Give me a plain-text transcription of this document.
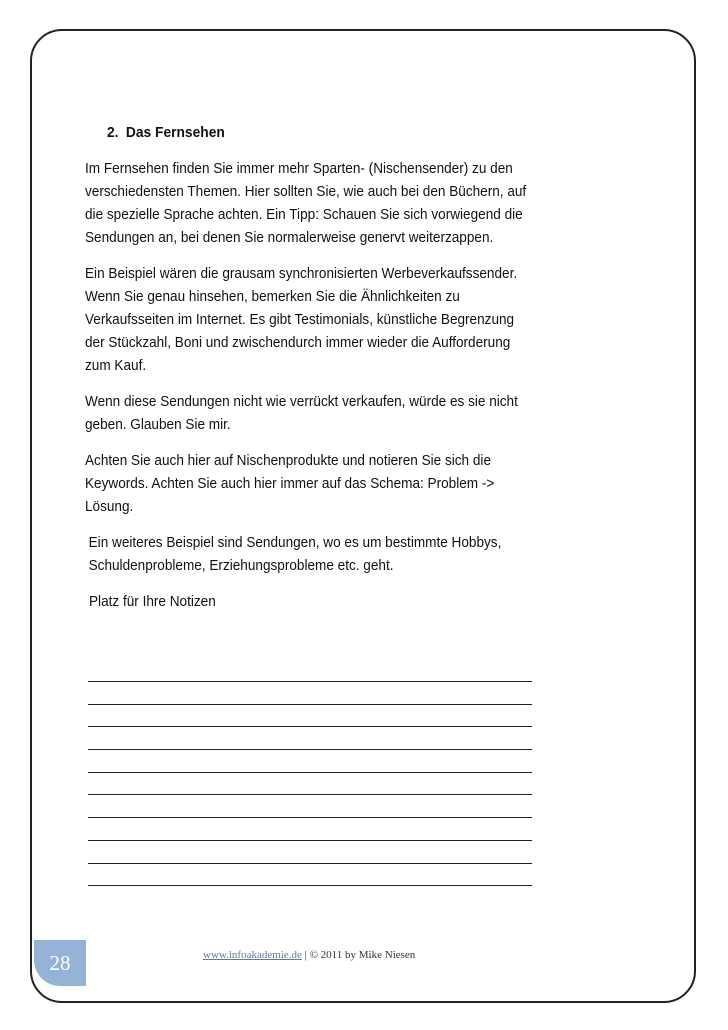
2. Das Fernsehen

Im Fernsehen finden Sie immer mehr Sparten- (Nischensender) zu den verschiedensten Themen. Hier sollten Sie, wie auch bei den Büchern, auf die spezielle Sprache achten. Ein Tipp: Schauen Sie sich vorwiegend die Sendungen an, bei denen Sie normalerweise genervt weiterzappen.

Ein Beispiel wären die grausam synchronisierten Werbeverkaufssender. Wenn Sie genau hinsehen, bemerken Sie die Ähnlichkeiten zu Verkaufsseiten im Internet. Es gibt Testimonials, künstliche Begrenzung der Stückzahl, Boni und zwischendurch immer wieder die Aufforderung zum Kauf.

Wenn diese Sendungen nicht wie verrückt verkaufen, würde es sie nicht geben. Glauben Sie mir.

Achten Sie auch hier auf Nischenprodukte und notieren Sie sich die Keywords. Achten Sie auch hier immer auf das Schema: Problem -> Lösung.

Ein weiteres Beispiel sind Sendungen, wo es um bestimmte Hobbys, Schuldenprobleme, Erziehungsprobleme etc. geht.

Platz für Ihre Notizen

28	www.infoakademie.de | © 2011 by Mike Niesen
